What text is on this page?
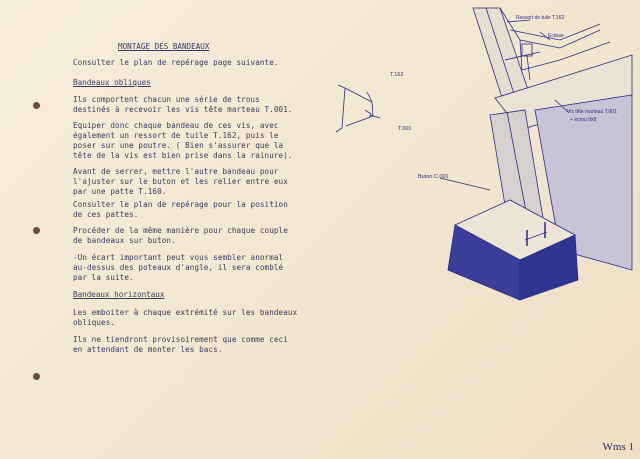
MONTAGE DES BANDEAUX
Consulter le plan de repérage page suivante.
Bandeaux obliques
Ils comportent chacun une série de trous
destinés à recevoir les vis tête marteau T.001.
Equiper donc chaque bandeau de ces vis, avec
également un ressort de tuile T.162, puis le
poser sur une poutre. ( Bien s'assurer que la
tête de la vis est bien prise dans la rainure).
Avant de serrer, mettre l'autre bandeau pour
l'ajuster sur le buton et les relier entre eux
par une patte T.160.
Consulter le plan de repérage pour la position
de ces pattes.
Procéder de la même manière pour chaque couple
de bandeaux sur buton.
-Un écart important peut vous sembler anormal
au-dessus des poteaux d'angle, il sera comblé
par la suite.
Bandeaux horizontaux
Les emboiter à chaque extrémité sur les bandeaux
obliques.
Ils ne tiendront provisoirement que comme ceci
en attendant de monter les bacs.
Ressort de tuile T.162
Eclisse
T.162
T.001
Vis tête marteau T.001
+ écrou 8x8
Buton C.001
Wms 1
